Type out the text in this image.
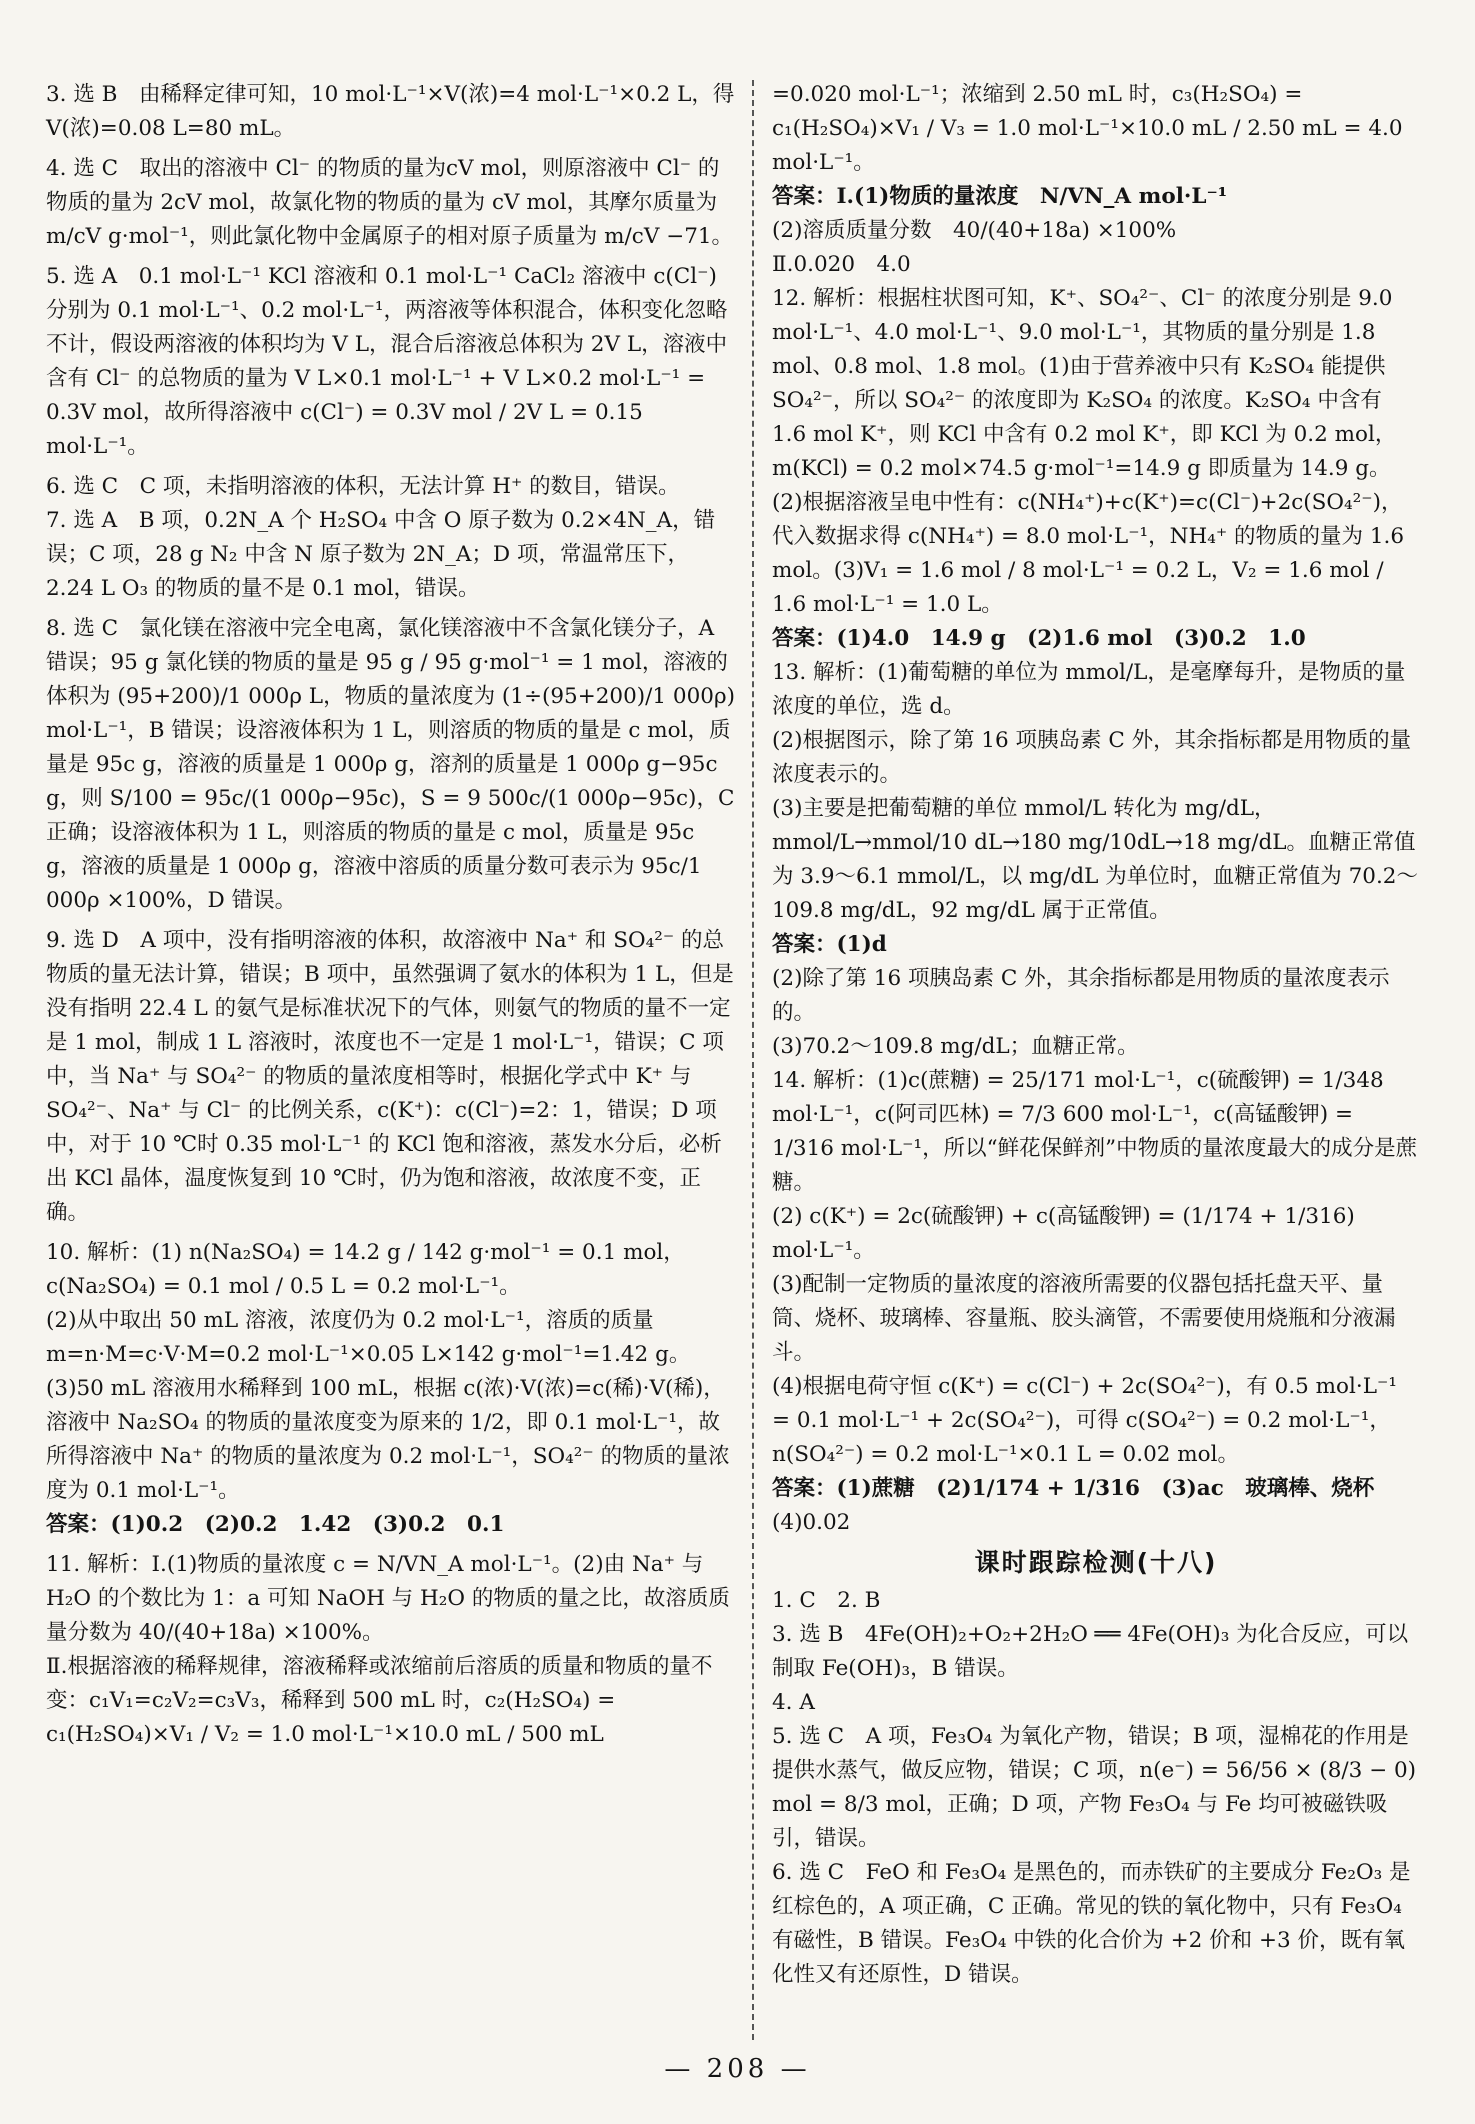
3. 选 B　由稀释定律可知，10 mol·L⁻¹×V(浓)=4 mol·L⁻¹×0.2 L，得V(浓)=0.08 L=80 mL。
4. 选 C　取出的溶液中 Cl⁻ 的物质的量为cV mol，则原溶液中 Cl⁻ 的物质的量为 2cV mol，故氯化物的物质的量为 cV mol，其摩尔质量为 m/cV g·mol⁻¹，则此氯化物中金属原子的相对原子质量为 m/cV −71。
5. 选 A　0.1 mol·L⁻¹ KCl 溶液和 0.1 mol·L⁻¹ CaCl₂ 溶液中 c(Cl⁻)分别为 0.1 mol·L⁻¹、0.2 mol·L⁻¹，两溶液等体积混合，体积变化忽略不计，假设两溶液的体积均为 V L，混合后溶液总体积为 2V L，溶液中含有 Cl⁻ 的总物质的量为 V L×0.1 mol·L⁻¹ + V L×0.2 mol·L⁻¹ = 0.3V mol，故所得溶液中 c(Cl⁻) = 0.3V mol / 2V L = 0.15 mol·L⁻¹。
6. 选 C　C 项，未指明溶液的体积，无法计算 H⁺ 的数目，错误。
7. 选 A　B 项，0.2N_A 个 H₂SO₄ 中含 O 原子数为 0.2×4N_A，错误；C 项，28 g N₂ 中含 N 原子数为 2N_A；D 项，常温常压下，2.24 L O₃ 的物质的量不是 0.1 mol，错误。
8. 选 C　氯化镁在溶液中完全电离，氯化镁溶液中不含氯化镁分子，A 错误；95 g 氯化镁的物质的量是 95 g / 95 g·mol⁻¹ = 1 mol，溶液的体积为 (95+200)/1 000ρ L，物质的量浓度为 (1÷(95+200)/1 000ρ) mol·L⁻¹，B 错误；设溶液体积为 1 L，则溶质的物质的量是 c mol，质量是 95c g，溶液的质量是 1 000ρ g，溶剂的质量是 1 000ρ g−95c g，则 S/100 = 95c/(1 000ρ−95c)，S = 9 500c/(1 000ρ−95c)，C 正确；设溶液体积为 1 L，则溶质的物质的量是 c mol，质量是 95c g，溶液的质量是 1 000ρ g，溶液中溶质的质量分数可表示为 95c/1 000ρ ×100%，D 错误。
9. 选 D　A 项中，没有指明溶液的体积，故溶液中 Na⁺ 和 SO₄²⁻ 的总物质的量无法计算，错误；B 项中，虽然强调了氨水的体积为 1 L，但是没有指明 22.4 L 的氨气是标准状况下的气体，则氨气的物质的量不一定是 1 mol，制成 1 L 溶液时，浓度也不一定是 1 mol·L⁻¹，错误；C 项中，当 Na⁺ 与 SO₄²⁻ 的物质的量浓度相等时，根据化学式中 K⁺ 与 SO₄²⁻、Na⁺ 与 Cl⁻ 的比例关系，c(K⁺)：c(Cl⁻)=2：1，错误；D 项中，对于 10 ℃时 0.35 mol·L⁻¹ 的 KCl 饱和溶液，蒸发水分后，必析出 KCl 晶体，温度恢复到 10 ℃时，仍为饱和溶液，故浓度不变，正确。
10. 解析：(1) n(Na₂SO₄) = 14.2 g / 142 g·mol⁻¹ = 0.1 mol，c(Na₂SO₄) = 0.1 mol / 0.5 L = 0.2 mol·L⁻¹。
(2)从中取出 50 mL 溶液，浓度仍为 0.2 mol·L⁻¹，溶质的质量 m=n·M=c·V·M=0.2 mol·L⁻¹×0.05 L×142 g·mol⁻¹=1.42 g。
(3)50 mL 溶液用水稀释到 100 mL，根据 c(浓)·V(浓)=c(稀)·V(稀)，溶液中 Na₂SO₄ 的物质的量浓度变为原来的 1/2，即 0.1 mol·L⁻¹，故所得溶液中 Na⁺ 的物质的量浓度为 0.2 mol·L⁻¹，SO₄²⁻ 的物质的量浓度为 0.1 mol·L⁻¹。
答案：(1)0.2　(2)0.2　1.42　(3)0.2　0.1
11. 解析：Ⅰ.(1)物质的量浓度 c = N/VN_A mol·L⁻¹。(2)由 Na⁺ 与 H₂O 的个数比为 1：a 可知 NaOH 与 H₂O 的物质的量之比，故溶质质量分数为 40/(40+18a) ×100%。
Ⅱ.根据溶液的稀释规律，溶液稀释或浓缩前后溶质的质量和物质的量不变：c₁V₁=c₂V₂=c₃V₃，稀释到 500 mL 时，c₂(H₂SO₄) = c₁(H₂SO₄)×V₁ / V₂ = 1.0 mol·L⁻¹×10.0 mL / 500 mL
=0.020 mol·L⁻¹；浓缩到 2.50 mL 时，c₃(H₂SO₄) = c₁(H₂SO₄)×V₁ / V₃ = 1.0 mol·L⁻¹×10.0 mL / 2.50 mL = 4.0 mol·L⁻¹。
答案：Ⅰ.(1)物质的量浓度　N/VN_A mol·L⁻¹
(2)溶质质量分数　40/(40+18a) ×100%
Ⅱ.0.020　4.0
12. 解析：根据柱状图可知，K⁺、SO₄²⁻、Cl⁻ 的浓度分别是 9.0 mol·L⁻¹、4.0 mol·L⁻¹、9.0 mol·L⁻¹，其物质的量分别是 1.8 mol、0.8 mol、1.8 mol。(1)由于营养液中只有 K₂SO₄ 能提供 SO₄²⁻，所以 SO₄²⁻ 的浓度即为 K₂SO₄ 的浓度。K₂SO₄ 中含有 1.6 mol K⁺，则 KCl 中含有 0.2 mol K⁺，即 KCl 为 0.2 mol，m(KCl) = 0.2 mol×74.5 g·mol⁻¹=14.9 g 即质量为 14.9 g。(2)根据溶液呈电中性有：c(NH₄⁺)+c(K⁺)=c(Cl⁻)+2c(SO₄²⁻)，代入数据求得 c(NH₄⁺) = 8.0 mol·L⁻¹，NH₄⁺ 的物质的量为 1.6 mol。(3)V₁ = 1.6 mol / 8 mol·L⁻¹ = 0.2 L，V₂ = 1.6 mol / 1.6 mol·L⁻¹ = 1.0 L。
答案：(1)4.0　14.9 g　(2)1.6 mol　(3)0.2　1.0
13. 解析：(1)葡萄糖的单位为 mmol/L，是毫摩每升，是物质的量浓度的单位，选 d。
(2)根据图示，除了第 16 项胰岛素 C 外，其余指标都是用物质的量浓度表示的。
(3)主要是把葡萄糖的单位 mmol/L 转化为 mg/dL，mmol/L→mmol/10 dL→180 mg/10dL→18 mg/dL。血糖正常值为 3.9～6.1 mmol/L，以 mg/dL 为单位时，血糖正常值为 70.2～109.8 mg/dL，92 mg/dL 属于正常值。
答案：(1)d
(2)除了第 16 项胰岛素 C 外，其余指标都是用物质的量浓度表示的。
(3)70.2～109.8 mg/dL；血糖正常。
14. 解析：(1)c(蔗糖) = 25/171 mol·L⁻¹，c(硫酸钾) = 1/348 mol·L⁻¹，c(阿司匹林) = 7/3 600 mol·L⁻¹，c(高锰酸钾) = 1/316 mol·L⁻¹，所以“鲜花保鲜剂”中物质的量浓度最大的成分是蔗糖。
(2) c(K⁺) = 2c(硫酸钾) + c(高锰酸钾) = (1/174 + 1/316) mol·L⁻¹。
(3)配制一定物质的量浓度的溶液所需要的仪器包括托盘天平、量筒、烧杯、玻璃棒、容量瓶、胶头滴管，不需要使用烧瓶和分液漏斗。
(4)根据电荷守恒 c(K⁺) = c(Cl⁻) + 2c(SO₄²⁻)，有 0.5 mol·L⁻¹ = 0.1 mol·L⁻¹ + 2c(SO₄²⁻)，可得 c(SO₄²⁻) = 0.2 mol·L⁻¹，n(SO₄²⁻) = 0.2 mol·L⁻¹×0.1 L = 0.02 mol。
答案：(1)蔗糖　(2)1/174 + 1/316　(3)ac　玻璃棒、烧杯
(4)0.02
课时跟踪检测(十八)
1. C　2. B
3. 选 B　4Fe(OH)₂+O₂+2H₂O ══ 4Fe(OH)₃ 为化合反应，可以制取 Fe(OH)₃，B 错误。
4. A
5. 选 C　A 项，Fe₃O₄ 为氧化产物，错误；B 项，湿棉花的作用是提供水蒸气，做反应物，错误；C 项，n(e⁻) = 56/56 × (8/3 − 0) mol = 8/3 mol，正确；D 项，产物 Fe₃O₄ 与 Fe 均可被磁铁吸引，错误。
6. 选 C　FeO 和 Fe₃O₄ 是黑色的，而赤铁矿的主要成分 Fe₂O₃ 是红棕色的，A 项正确，C 正确。常见的铁的氧化物中，只有 Fe₃O₄ 有磁性，B 错误。Fe₃O₄ 中铁的化合价为 +2 价和 +3 价，既有氧化性又有还原性，D 错误。
— 208 —
